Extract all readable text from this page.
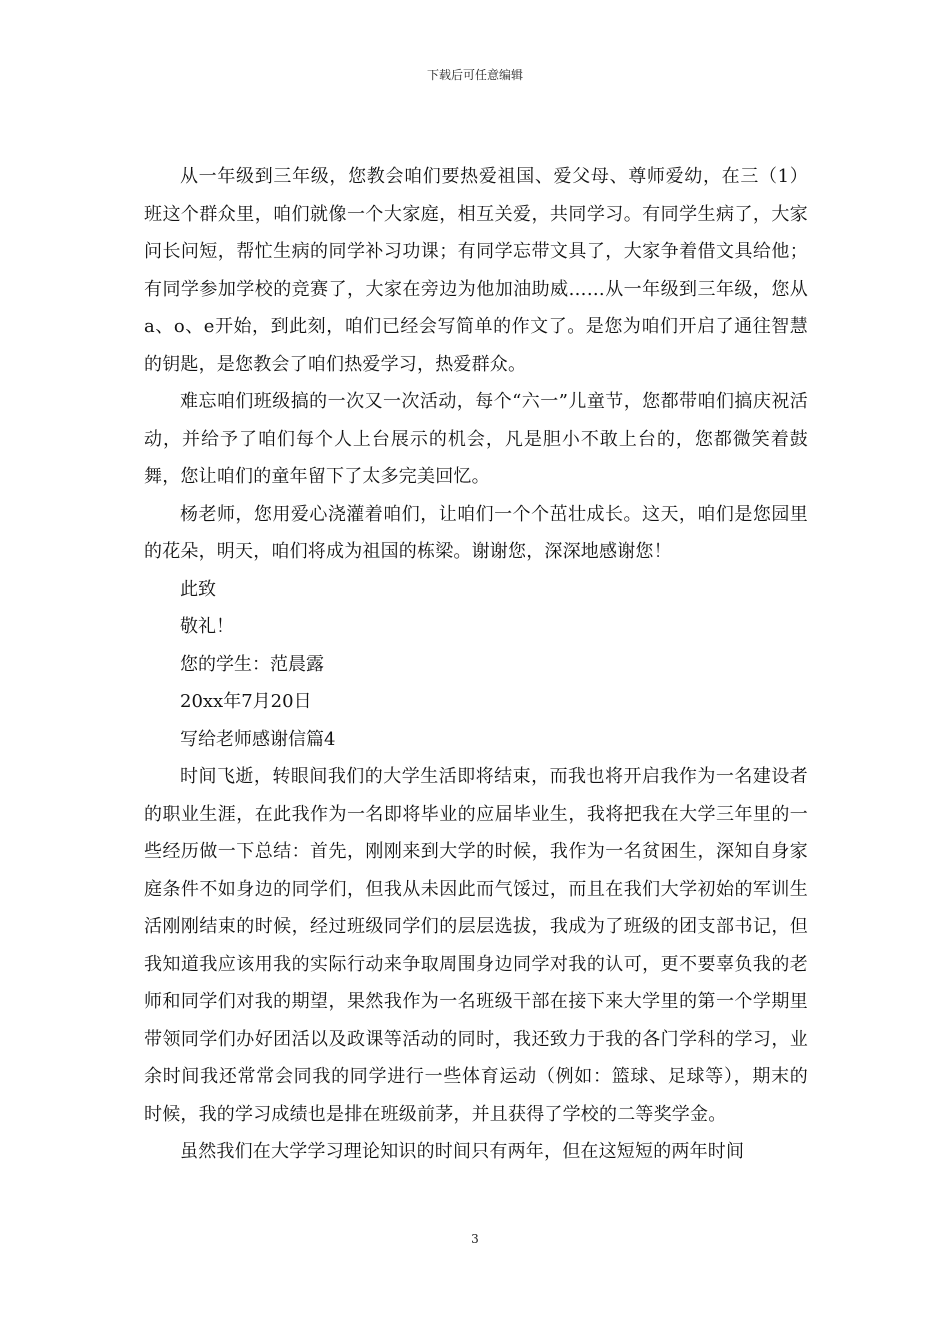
下载后可任意编辑

从一年级到三年级，您教会咱们要热爱祖国、爱父母、尊师爱幼，在三（1）班这个群众里，咱们就像一个大家庭，相互关爱，共同学习。有同学生病了，大家问长问短，帮忙生病的同学补习功课；有同学忘带文具了，大家争着借文具给他；有同学参加学校的竞赛了，大家在旁边为他加油助威……从一年级到三年级，您从a、o、e开始，到此刻，咱们已经会写简单的作文了。是您为咱们开启了通往智慧的钥匙，是您教会了咱们热爱学习，热爱群众。

难忘咱们班级搞的一次又一次活动，每个“六一”儿童节，您都带咱们搞庆祝活动，并给予了咱们每个人上台展示的机会，凡是胆小不敢上台的，您都微笑着鼓舞，您让咱们的童年留下了太多完美回忆。

杨老师，您用爱心浇灌着咱们，让咱们一个个茁壮成长。这天，咱们是您园里的花朵，明天，咱们将成为祖国的栋梁。谢谢您，深深地感谢您！

此致

敬礼！

您的学生：范晨露

20xx年7月20日

写给老师感谢信篇4

时间飞逝，转眼间我们的大学生活即将结束，而我也将开启我作为一名建设者的职业生涯，在此我作为一名即将毕业的应届毕业生，我将把我在大学三年里的一些经历做一下总结：首先，刚刚来到大学的时候，我作为一名贫困生，深知自身家庭条件不如身边的同学们，但我从未因此而气馁过，而且在我们大学初始的军训生活刚刚结束的时候，经过班级同学们的层层选拔，我成为了班级的团支部书记，但我知道我应该用我的实际行动来争取周围身边同学对我的认可，更不要辜负我的老师和同学们对我的期望，果然我作为一名班级干部在接下来大学里的第一个学期里带领同学们办好团活以及政课等活动的同时，我还致力于我的各门学科的学习，业余时间我还常常会同我的同学进行一些体育运动（例如：篮球、足球等），期末的时候，我的学习成绩也是排在班级前茅，并且获得了学校的二等奖学金。

虽然我们在大学学习理论知识的时间只有两年，但在这短短的两年时间

3
